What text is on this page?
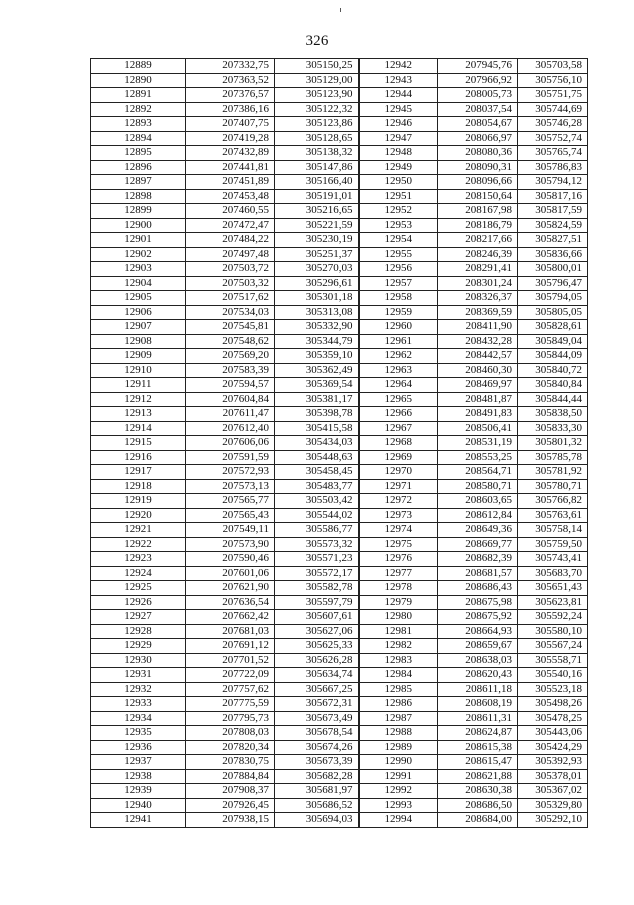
326
12889	207332,75	305150,25	12942	207945,76	305703,58
12890	207363,52	305129,00	12943	207966,92	305756,10
12891	207376,57	305123,90	12944	208005,73	305751,75
12892	207386,16	305122,32	12945	208037,54	305744,69
12893	207407,75	305123,86	12946	208054,67	305746,28
12894	207419,28	305128,65	12947	208066,97	305752,74
12895	207432,89	305138,32	12948	208080,36	305765,74
12896	207441,81	305147,86	12949	208090,31	305786,83
12897	207451,89	305166,40	12950	208096,66	305794,12
12898	207453,48	305191,01	12951	208150,64	305817,16
12899	207460,55	305216,65	12952	208167,98	305817,59
12900	207472,47	305221,59	12953	208186,79	305824,59
12901	207484,22	305230,19	12954	208217,66	305827,51
12902	207497,48	305251,37	12955	208246,39	305836,66
12903	207503,72	305270,03	12956	208291,41	305800,01
12904	207503,32	305296,61	12957	208301,24	305796,47
12905	207517,62	305301,18	12958	208326,37	305794,05
12906	207534,03	305313,08	12959	208369,59	305805,05
12907	207545,81	305332,90	12960	208411,90	305828,61
12908	207548,62	305344,79	12961	208432,28	305849,04
12909	207569,20	305359,10	12962	208442,57	305844,09
12910	207583,39	305362,49	12963	208460,30	305840,72
12911	207594,57	305369,54	12964	208469,97	305840,84
12912	207604,84	305381,17	12965	208481,87	305844,44
12913	207611,47	305398,78	12966	208491,83	305838,50
12914	207612,40	305415,58	12967	208506,41	305833,30
12915	207606,06	305434,03	12968	208531,19	305801,32
12916	207591,59	305448,63	12969	208553,25	305785,78
12917	207572,93	305458,45	12970	208564,71	305781,92
12918	207573,13	305483,77	12971	208580,71	305780,71
12919	207565,77	305503,42	12972	208603,65	305766,82
12920	207565,43	305544,02	12973	208612,84	305763,61
12921	207549,11	305586,77	12974	208649,36	305758,14
12922	207573,90	305573,32	12975	208669,77	305759,50
12923	207590,46	305571,23	12976	208682,39	305743,41
12924	207601,06	305572,17	12977	208681,57	305683,70
12925	207621,90	305582,78	12978	208686,43	305651,43
12926	207636,54	305597,79	12979	208675,98	305623,81
12927	207662,42	305607,61	12980	208675,92	305592,24
12928	207681,03	305627,06	12981	208664,93	305580,10
12929	207691,12	305625,33	12982	208659,67	305567,24
12930	207701,52	305626,28	12983	208638,03	305558,71
12931	207722,09	305634,74	12984	208620,43	305540,16
12932	207757,62	305667,25	12985	208611,18	305523,18
12933	207775,59	305672,31	12986	208608,19	305498,26
12934	207795,73	305673,49	12987	208611,31	305478,25
12935	207808,03	305678,54	12988	208624,87	305443,06
12936	207820,34	305674,26	12989	208615,38	305424,29
12937	207830,75	305673,39	12990	208615,47	305392,93
12938	207884,84	305682,28	12991	208621,88	305378,01
12939	207908,37	305681,97	12992	208630,38	305367,02
12940	207926,45	305686,52	12993	208686,50	305329,80
12941	207938,15	305694,03	12994	208684,00	305292,10
